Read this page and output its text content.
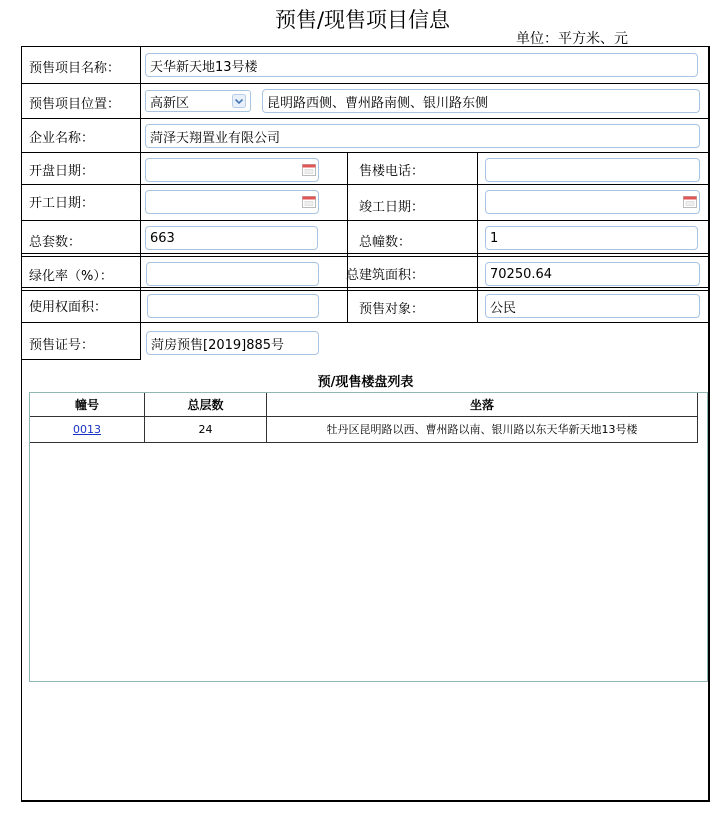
预售/现售项目信息
单位：平方米、元
预售项目名称：	天华新天地13号楼
预售项目位置： 高新区	昆明路西侧、曹州路南侧、银川路东侧
企业名称：	菏泽天翔置业有限公司
开盘日期：	售楼电话：
开工日期：	竣工日期：
总套数：	663	总幢数：	1
绿化率（%）：	总建筑面积：	70250.64
使用权面积：	预售对象：	公民
预售证号：	菏房预售[2019]885号
预/现售楼盘列表
幢号	总层数	坐落
0013	24	牡丹区昆明路以西、曹州路以南、银川路以东天华新天地13号楼
